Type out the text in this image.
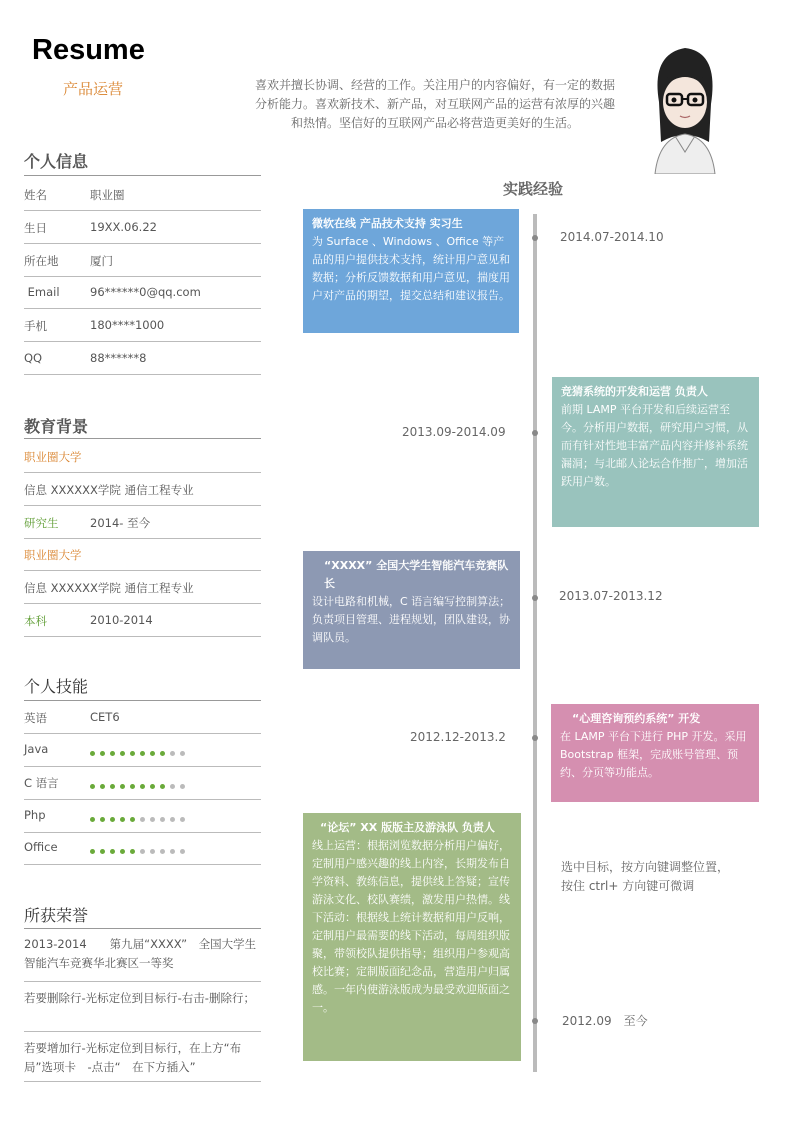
Resume
产品运营	喜欢并擅长协调、经营的工作。关注用户的内容偏好，有一定的数据分析能力。喜欢新技术、新产品，对互联网产品的运营有浓厚的兴趣和热情。坚信好的互联网产品必将营造更美好的生活。
个人信息
姓名	职业圈
生日	19XX.06.22
所在地	厦门
Email	96******0@qq.com
手机	180****1000
QQ	88******8
教育背景
职业圈大学
信息 XXXXXX学院 通信工程专业
研究生	2014- 至今
职业圈大学
信息 XXXXXX学院 通信工程专业
本科	2010-2014
个人技能
英语	CET6
Java
C 语言
Php
Office
所获荣誉
2013-2014　　第九届“XXXX”　全国大学生智能汽车竞赛华北赛区一等奖
若要删除行-光标定位到目标行-右击-删除行；
若要增加行-光标定位到目标行，在上方“布局”选项卡　-点击“　在下方插入”
实践经验
2014.07-2014.10
微软在线 产品技术支持 实习生
为 Surface 、Windows 、Office 等产品的用户提供技术支持，统计用户意见和数据；分析反馈数据和用户意见，揣度用户对产品的期望，提交总结和建议报告。
2013.09-2014.09
竞猜系统的开发和运营 负责人
前期 LAMP 平台开发和后续运营至今。分析用户数据，研究用户习惯，从而有针对性地丰富产品内容并修补系统漏洞；与北邮人论坛合作推广，增加活跃用户数。
2013.07-2013.12
“XXXX” 全国大学生智能汽车竞赛队长
设计电路和机械，C 语言编写控制算法；负责项目管理、进程规划，团队建设，协调队员。
2012.12-2013.2
“心理咨询预约系统” 开发
在 LAMP 平台下进行 PHP 开发。采用 Bootstrap 框架，完成账号管理、预约、分页等功能点。
选中目标，按方向键调整位置，按住 ctrl+ 方向键可微调
2012.09　至今
“论坛” XX 版版主及游泳队 负责人
线上运营：根据浏览数据分析用户偏好，定制用户感兴趣的线上内容，长期发布自学资料、教练信息，提供线上答疑；宣传游泳文化、校队赛绩，激发用户热情。线下活动：根据线上统计数据和用户反响，定制用户最需要的线下活动，每周组织版聚，带领校队提供指导；组织用户参观高校比赛；定制版面纪念品，营造用户归属感。一年内使游泳版成为最受欢迎版面之一。
